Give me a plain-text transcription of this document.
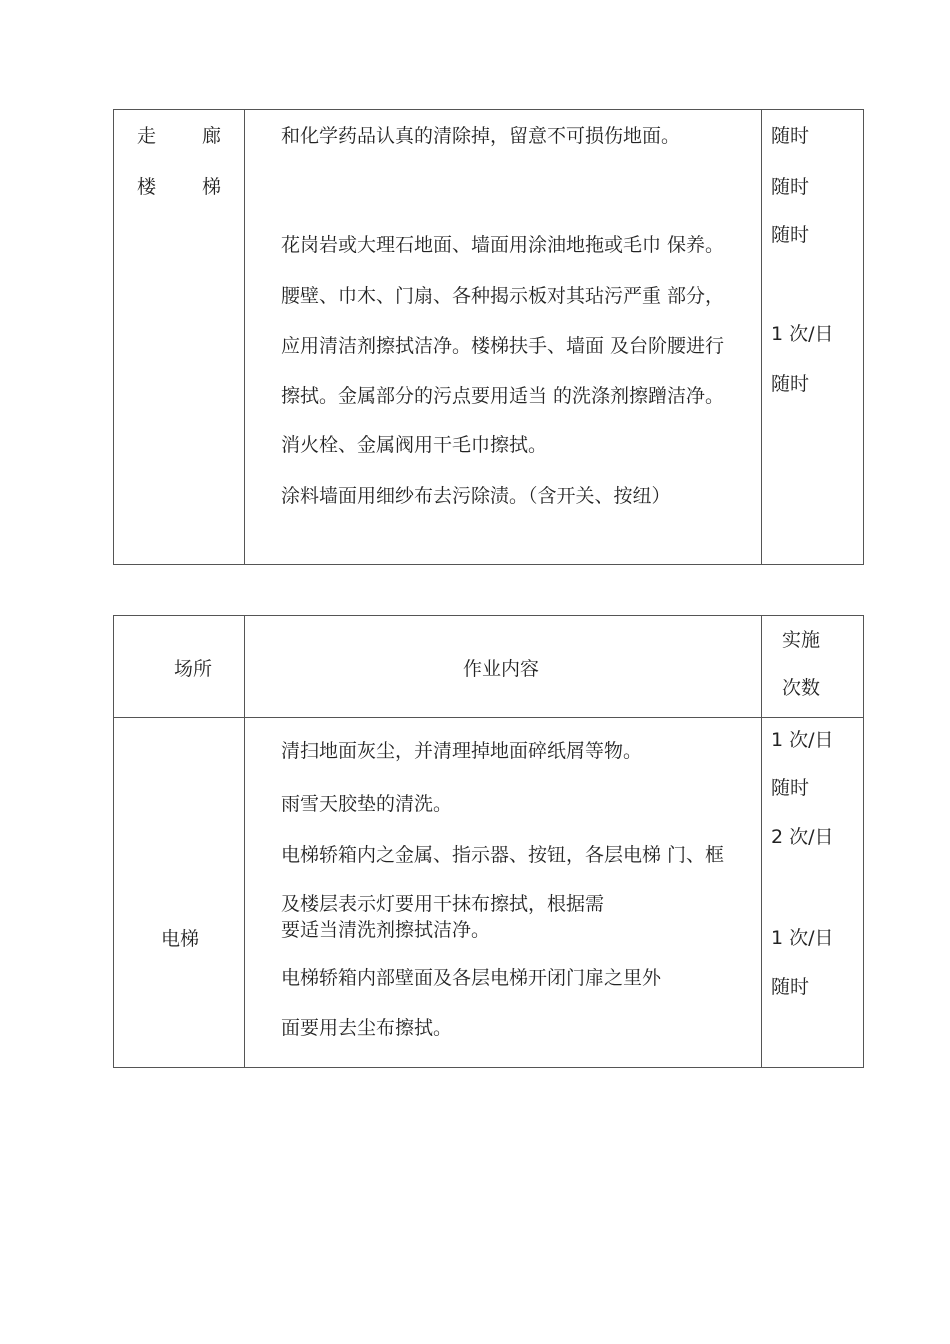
走 廊
楼 梯
和化学药品认真的清除掉，留意不可损伤地面。
花岗岩或大理石地面、墙面用涂油地拖或毛巾 保养。
腰壁、巾木、门扇、各种揭示板对其玷污严重 部分，
应用清洁剂擦拭洁净。楼梯扶手、墙面 及台阶腰进行
擦拭。金属部分的污点要用适当 的洗涤剂擦蹭洁净。
消火栓、金属阀用干毛巾擦拭。
涂料墙面用细纱布去污除渍。（含开关、按纽）
随时
随时
随时
1 次/日
随时
场所	作业内容
实施
次数
电梯
清扫地面灰尘，并清理掉地面碎纸屑等物。
雨雪天胶垫的清洗。
电梯轿箱内之金属、指示器、按钮，各层电梯 门、框
及楼层表示灯要用干抹布擦拭，根据需
要适当清洗剂擦拭洁净。
电梯轿箱内部壁面及各层电梯开闭门扉之里外
面要用去尘布擦拭。
1 次/日
随时
2 次/日
1 次/日
随时
